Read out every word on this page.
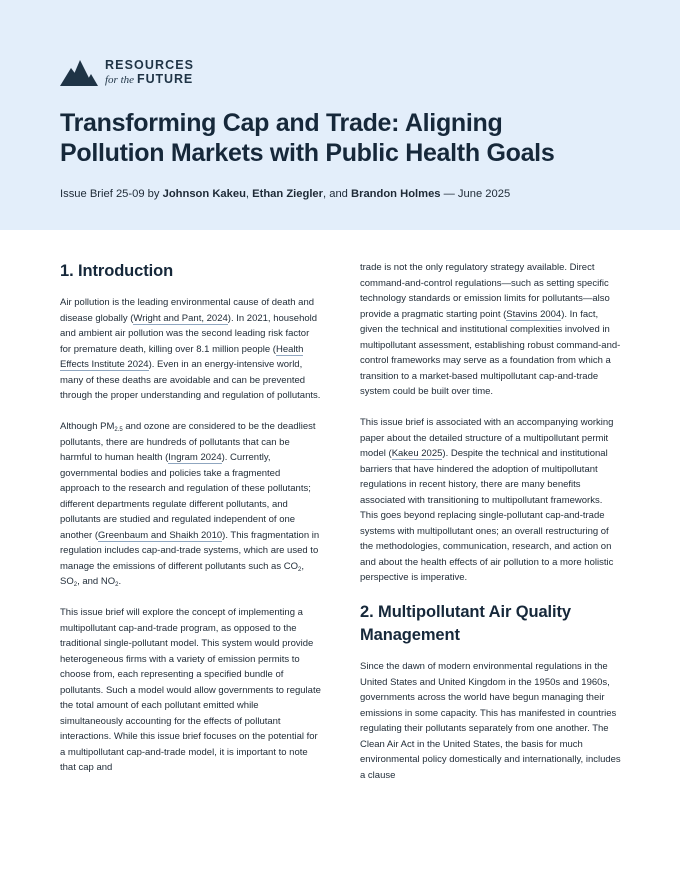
RESOURCES
for the FUTURE
Transforming Cap and Trade: Aligning
Pollution Markets with Public Health Goals
Issue Brief 25-09 by Johnson Kakeu, Ethan Ziegler, and Brandon Holmes — June 2025
1. Introduction

Air pollution is the leading environmental cause of death and disease globally (Wright and Pant, 2024). In 2021, household and ambient air pollution was the second leading risk factor for premature death, killing over 8.1 million people (Health Effects Institute 2024). Even in an energy-intensive world, many of these deaths are avoidable and can be prevented through the proper understanding and regulation of pollutants.

Although $PM_{2.5}$ and ozone are considered to be the deadliest pollutants, there are hundreds of pollutants that can be harmful to human health (Ingram 2024). Currently, governmental bodies and policies take a fragmented approach to the research and regulation of these pollutants; different departments regulate different pollutants, and pollutants are studied and regulated independent of one another (Greenbaum and Shaikh 2010). This fragmentation in regulation includes cap-and-trade systems, which are used to manage the emissions of different pollutants such as $CO_2$, $SO_2$, and $NO_2$.

This issue brief will explore the concept of implementing a multipollutant cap-and-trade program, as opposed to the traditional single-pollutant model. This system would provide heterogeneous firms with a variety of emission permits to choose from, each representing a specified bundle of pollutants. Such a model would allow governments to regulate the total amount of each pollutant emitted while simultaneously accounting for the effects of pollutant interactions. While this issue brief focuses on the potential for a multipollutant cap-and-trade model, it is important to note that cap and

trade is not the only regulatory strategy available. Direct command-and-control regulations—such as setting specific technology standards or emission limits for pollutants—also provide a pragmatic starting point (Stavins 2004). In fact, given the technical and institutional complexities involved in multipollutant assessment, establishing robust command-and-control frameworks may serve as a foundation from which a transition to a market-based multipollutant cap-and-trade system could be built over time.

This issue brief is associated with an accompanying working paper about the detailed structure of a multipollutant permit model (Kakeu 2025). Despite the technical and institutional barriers that have hindered the adoption of multipollutant regulations in recent history, there are many benefits associated with transitioning to multipollutant frameworks. This goes beyond replacing single-pollutant cap-and-trade systems with multipollutant ones; an overall restructuring of the methodologies, communication, research, and action on and about the health effects of air pollution to a more holistic perspective is imperative.

2. Multipollutant Air Quality Management

Since the dawn of modern environmental regulations in the United States and United Kingdom in the 1950s and 1960s, governments across the world have begun managing their emissions in some capacity. This has manifested in countries regulating their pollutants separately from one another. The Clean Air Act in the United States, the basis for much environmental policy domestically and internationally, includes a clause
